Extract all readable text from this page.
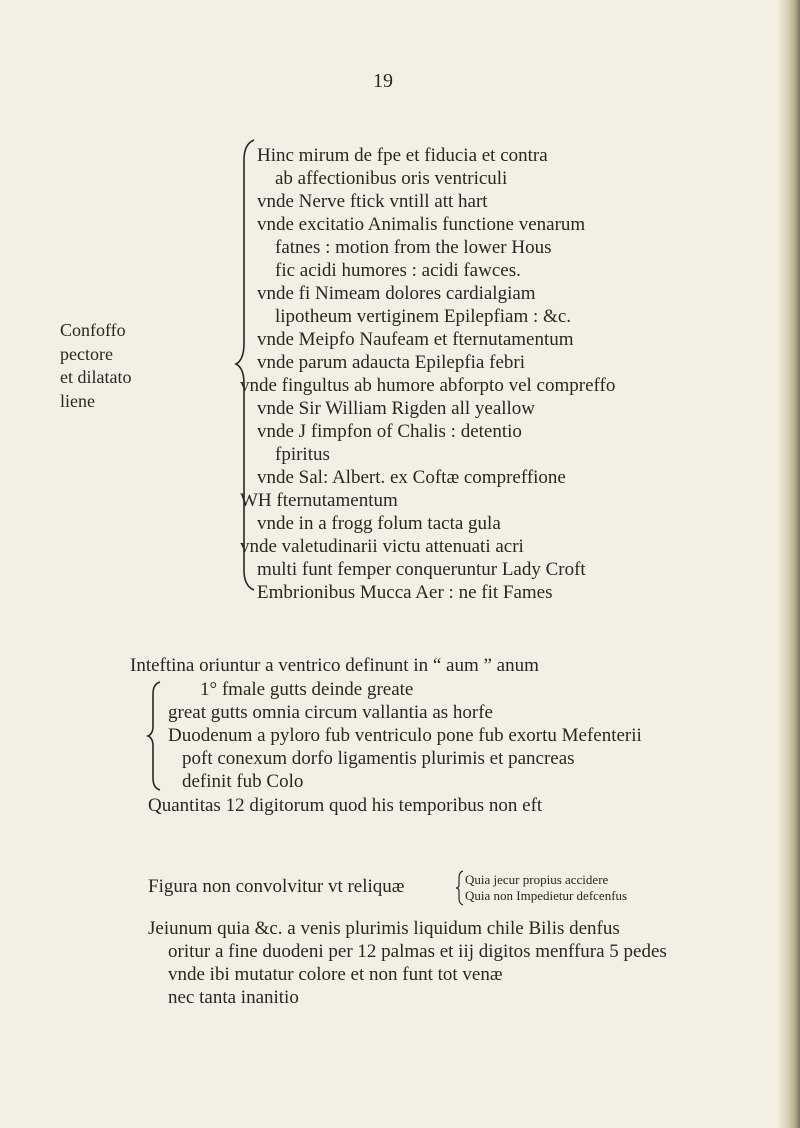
19
Confoffo
pectore
et dilatato
liene
Hinc mirum de fpe et fiducia et contra
ab affectionibus oris ventriculi
vnde Nerve ftick vntill att hart
vnde excitatio Animalis functione venarum
fatnes : motion from the lower Hous
fic acidi humores : acidi fawces.
vnde fi Nimeam dolores cardialgiam
lipotheum vertiginem Epilepfiam : &c.
vnde Meipfo Naufeam et fternutamentum
vnde parum adaucta Epilepfia febri
vnde fingultus ab humore abforpto vel compreffo
vnde Sir William Rigden all yeallow
vnde J fimpfon of Chalis : detentio
fpiritus
vnde Sal: Albert. ex Coftæ compreffione
WH fternutamentum
vnde in a frogg folum tacta gula
vnde valetudinarii victu attenuati acri
multi funt femper conqueruntur Lady Croft
Embrionibus Mucca Aer : ne fit Fames
Inteftina oriuntur a ventrico definunt in “ aum ” anum
1° fmale gutts deinde greate
great gutts omnia circum vallantia as horfe
Duodenum a pyloro fub ventriculo pone fub exortu Mefenterii
poft conexum dorfo ligamentis plurimis et pancreas
definit fub Colo
Quantitas 12 digitorum quod his temporibus non eft
Figura non convolvitur vt reliquæ	Quia jecur propius accidere
Quia non Impedietur defcenfus
Jeiunum quia &c. a venis plurimis liquidum chile Bilis denfus
oritur a fine duodeni per 12 palmas et iij digitos menffura 5 pedes
vnde ibi mutatur colore et non funt tot venæ
nec tanta inanitio
